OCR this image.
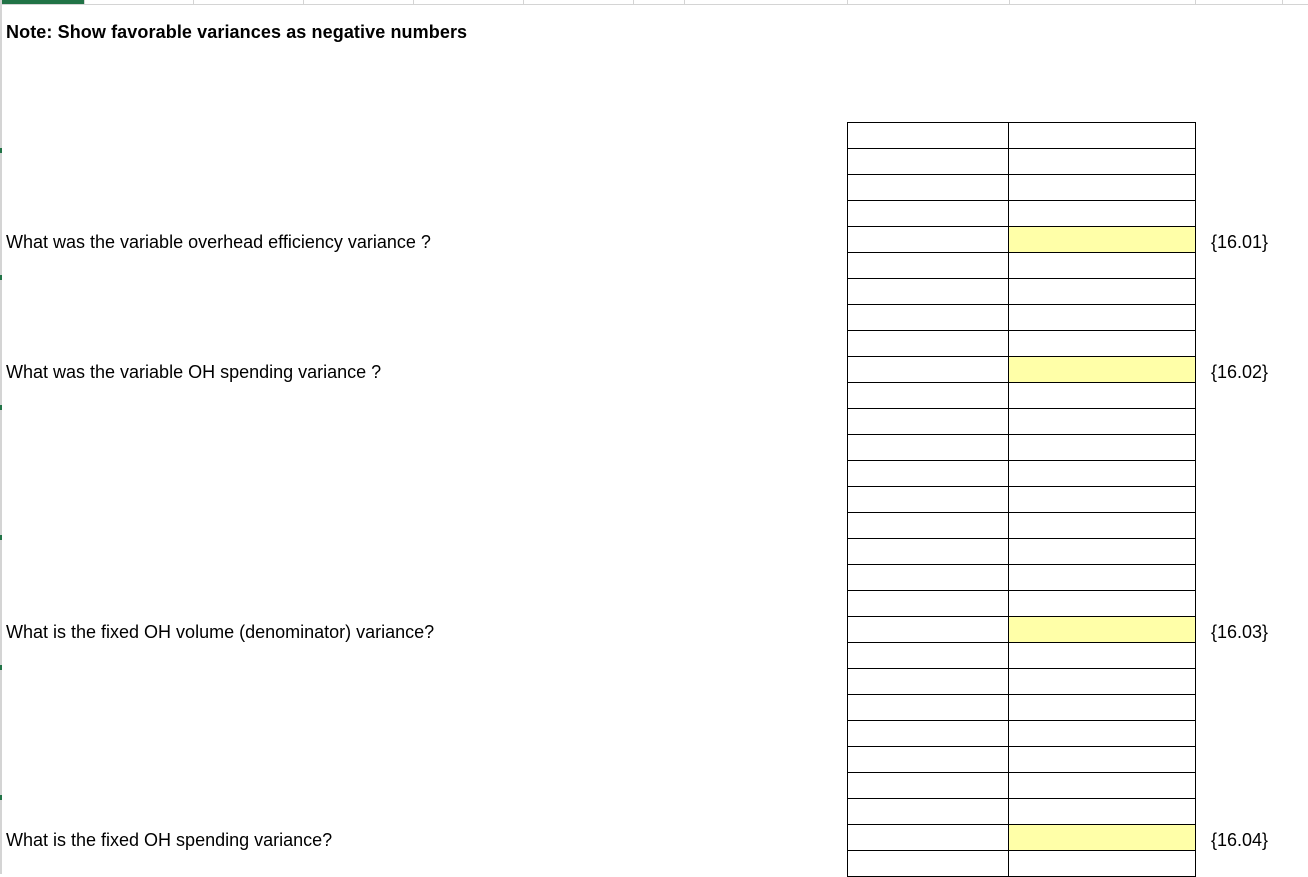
Note: Show favorable variances as negative numbers
What was the variable overhead efficiency variance ?	{16.01}
What was the variable OH spending variance ?	{16.02}
What is the fixed OH volume (denominator) variance?	{16.03}
What is the fixed OH spending variance?	{16.04}
